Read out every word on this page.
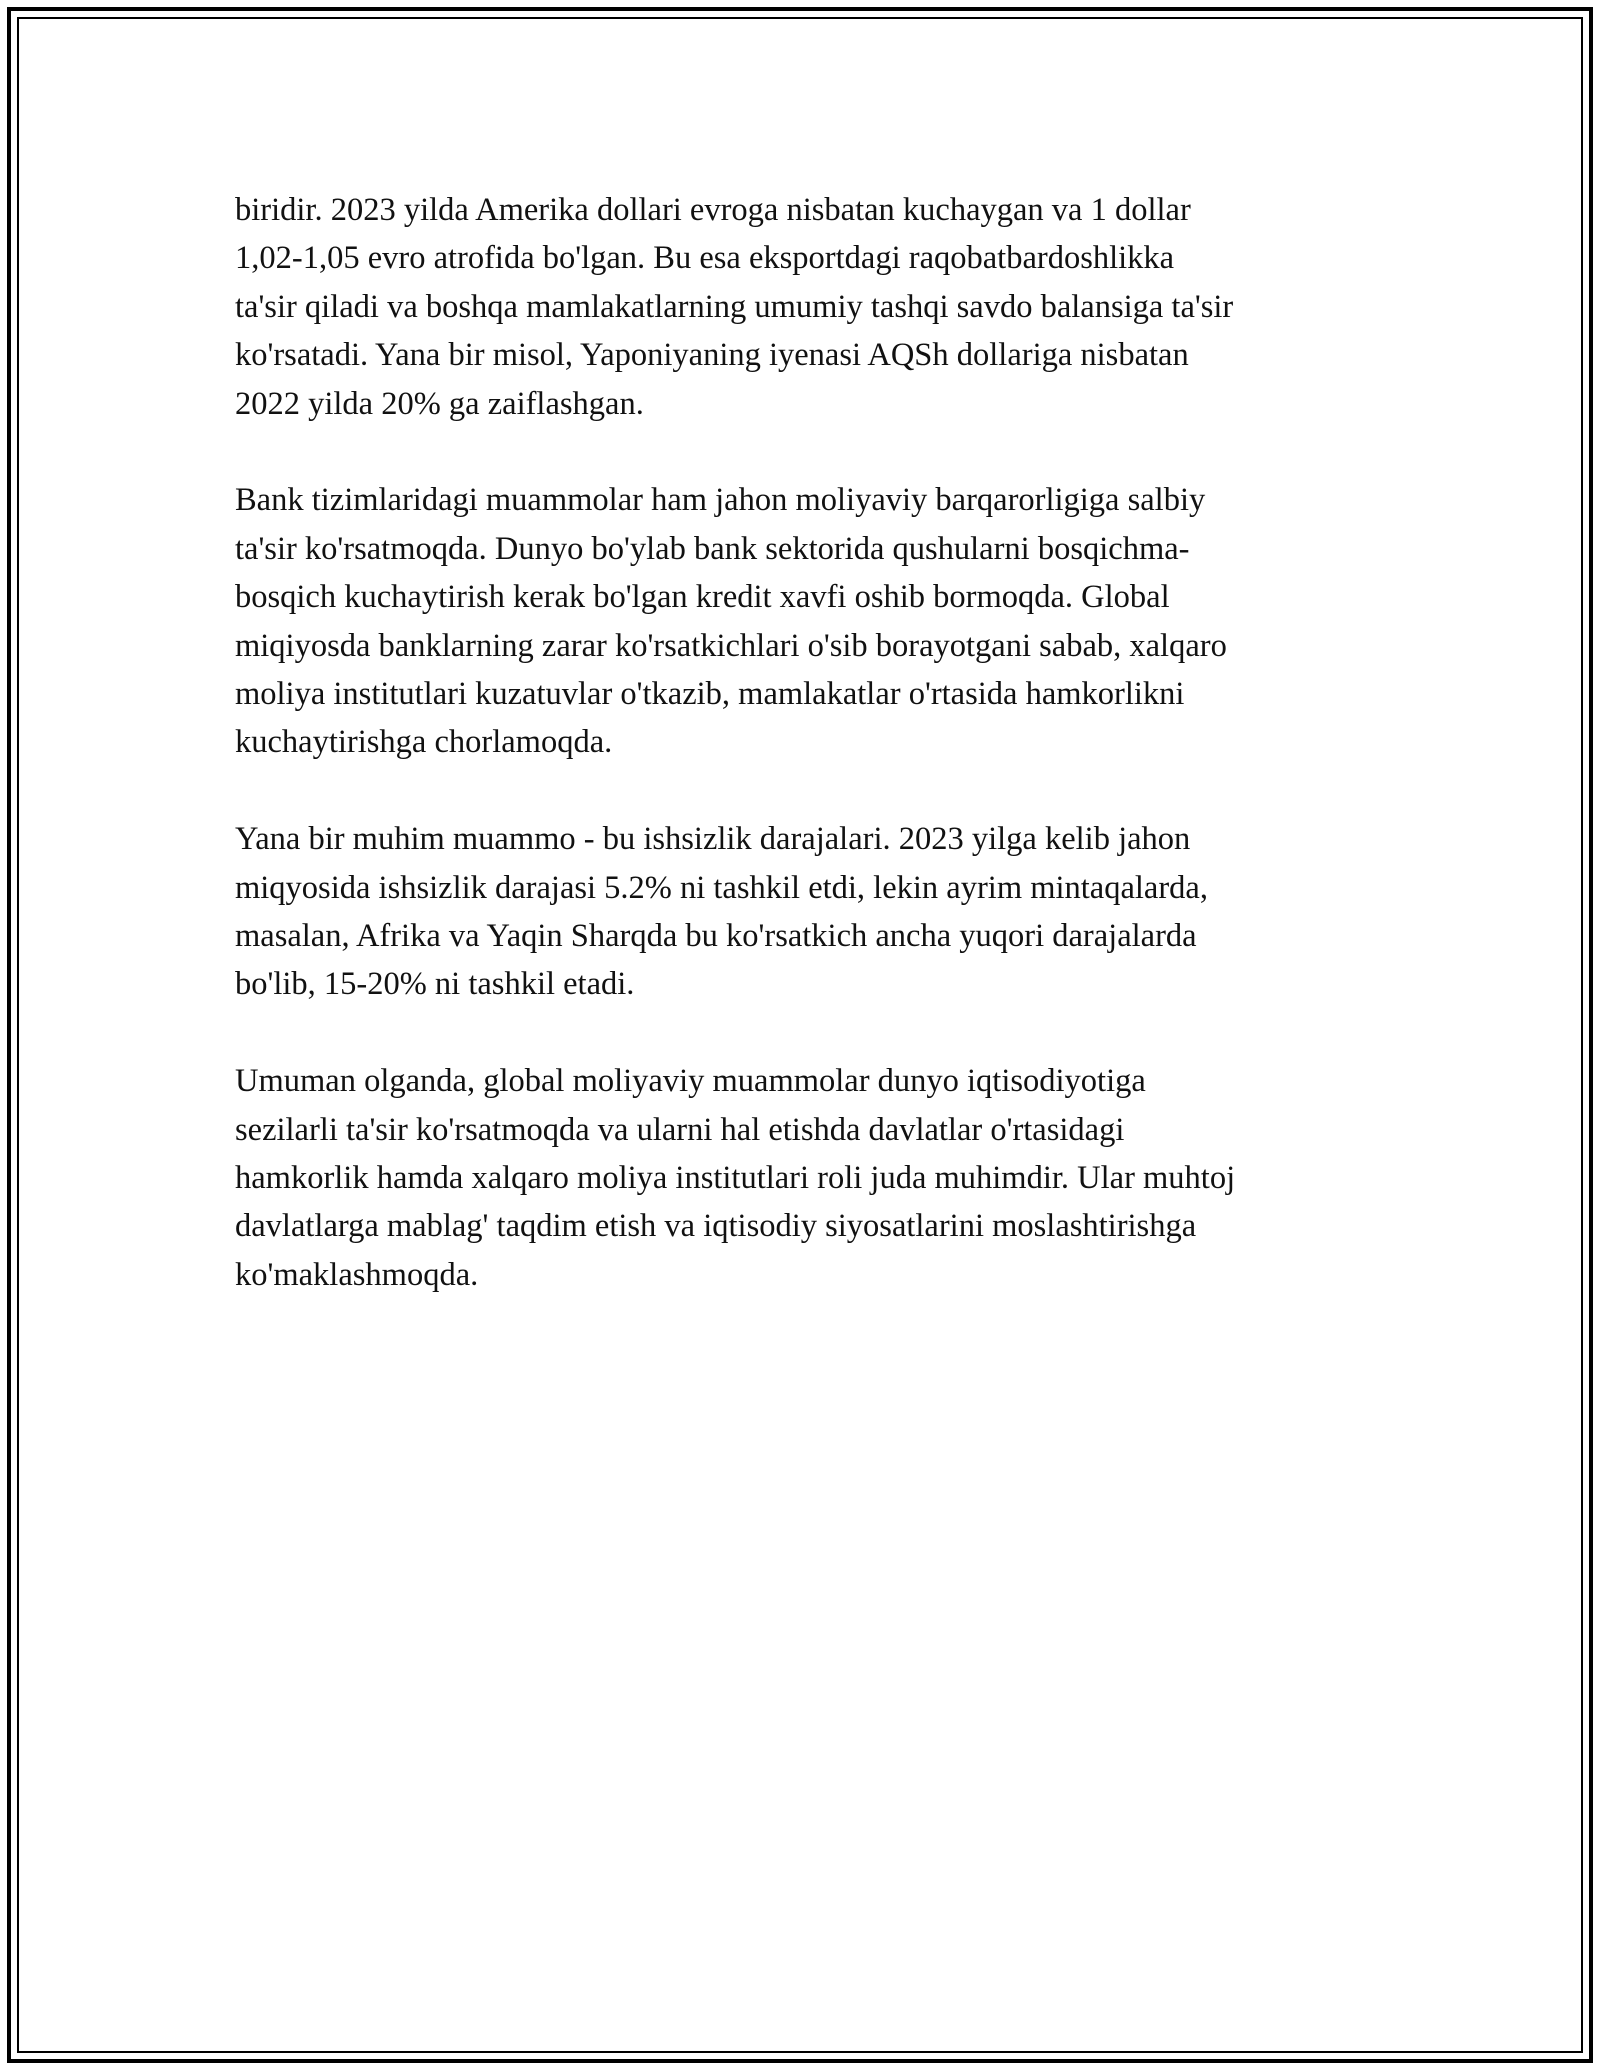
biridir. 2023 yilda Amerika dollari evroga nisbatan kuchaygan va 1 dollar
1,02-1,05 evro atrofida bo'lgan. Bu esa eksportdagi raqobatbardoshlikka
ta'sir qiladi va boshqa mamlakatlarning umumiy tashqi savdo balansiga ta'sir
ko'rsatadi. Yana bir misol, Yaponiyaning iyenasi AQSh dollariga nisbatan
2022 yilda 20% ga zaiflashgan.

Bank tizimlaridagi muammolar ham jahon moliyaviy barqarorligiga salbiy
ta'sir ko'rsatmoqda. Dunyo bo'ylab bank sektorida qushularni bosqichma-
bosqich kuchaytirish kerak bo'lgan kredit xavfi oshib bormoqda. Global
miqiyosda banklarning zarar ko'rsatkichlari o'sib borayotgani sabab, xalqaro
moliya institutlari kuzatuvlar o'tkazib, mamlakatlar o'rtasida hamkorlikni
kuchaytirishga chorlamoqda.

Yana bir muhim muammo - bu ishsizlik darajalari. 2023 yilga kelib jahon
miqyosida ishsizlik darajasi 5.2% ni tashkil etdi, lekin ayrim mintaqalarda,
masalan, Afrika va Yaqin Sharqda bu ko'rsatkich ancha yuqori darajalarda
bo'lib, 15-20% ni tashkil etadi.

Umuman olganda, global moliyaviy muammolar dunyo iqtisodiyotiga
sezilarli ta'sir ko'rsatmoqda va ularni hal etishda davlatlar o'rtasidagi
hamkorlik hamda xalqaro moliya institutlari roli juda muhimdir. Ular muhtoj
davlatlarga mablag' taqdim etish va iqtisodiy siyosatlarini moslashtirishga
ko'maklashmoqda.
